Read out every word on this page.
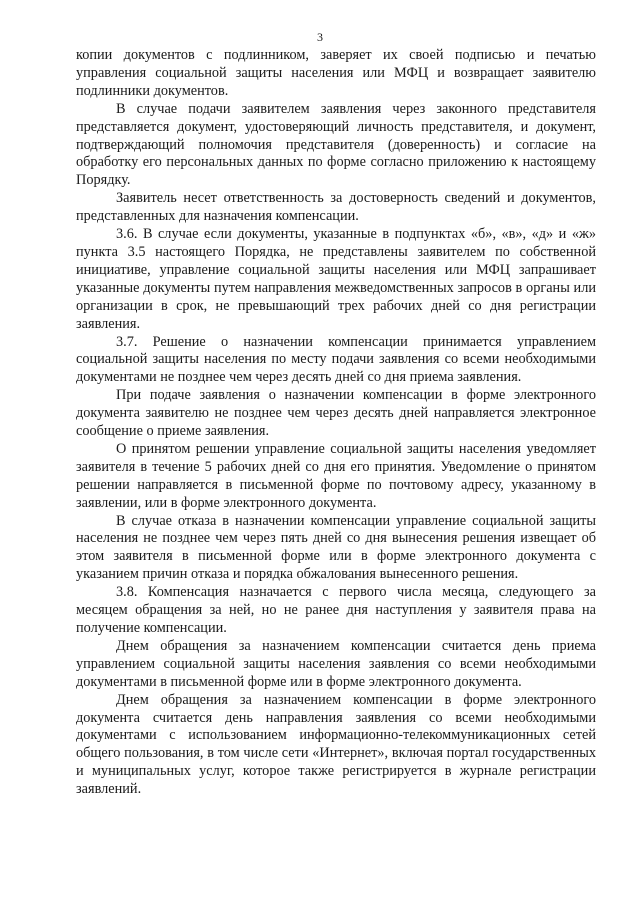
3

копии документов с подлинником, заверяет их своей подписью и печатью управления социальной защиты населения или МФЦ и возвращает заявителю подлинники документов.

В случае подачи заявителем заявления через законного представителя представляется документ, удостоверяющий личность представителя, и документ, подтверждающий полномочия представителя (доверенность) и согласие на обработку его персональных данных по форме согласно приложению к настоящему Порядку.

Заявитель несет ответственность за достоверность сведений и документов, представленных для назначения компенсации.

3.6. В случае если документы, указанные в подпунктах «б», «в», «д» и «ж» пункта 3.5 настоящего Порядка, не представлены заявителем по собственной инициативе, управление социальной защиты населения или МФЦ запрашивает указанные документы путем направления межведомственных запросов в органы или организации в срок, не превышающий трех рабочих дней со дня регистрации заявления.

3.7. Решение о назначении компенсации принимается управлением социальной защиты населения по месту подачи заявления со всеми необходимыми документами не позднее чем через десять дней со дня приема заявления.

При подаче заявления о назначении компенсации в форме электронного документа заявителю не позднее чем через десять дней направляется электронное сообщение о приеме заявления.

О принятом решении управление социальной защиты населения уведомляет заявителя в течение 5 рабочих дней со дня его принятия. Уведомление о принятом решении направляется в письменной форме по почтовому адресу, указанному в заявлении, или в форме электронного документа.

В случае отказа в назначении компенсации управление социальной защиты населения не позднее чем через пять дней со дня вынесения решения извещает об этом заявителя в письменной форме или в форме электронного документа с указанием причин отказа и порядка обжалования вынесенного решения.

3.8. Компенсация назначается с первого числа месяца, следующего за месяцем обращения за ней, но не ранее дня наступления у заявителя права на получение компенсации.

Днем обращения за назначением компенсации считается день приема управлением социальной защиты населения заявления со всеми необходимыми документами в письменной форме или в форме электронного документа.

Днем обращения за назначением компенсации в форме электронного документа считается день направления заявления со всеми необходимыми документами с использованием информационно-телекоммуникационных сетей общего пользования, в том числе сети «Интернет», включая портал государственных и муниципальных услуг, которое также регистрируется в журнале регистрации заявлений.
